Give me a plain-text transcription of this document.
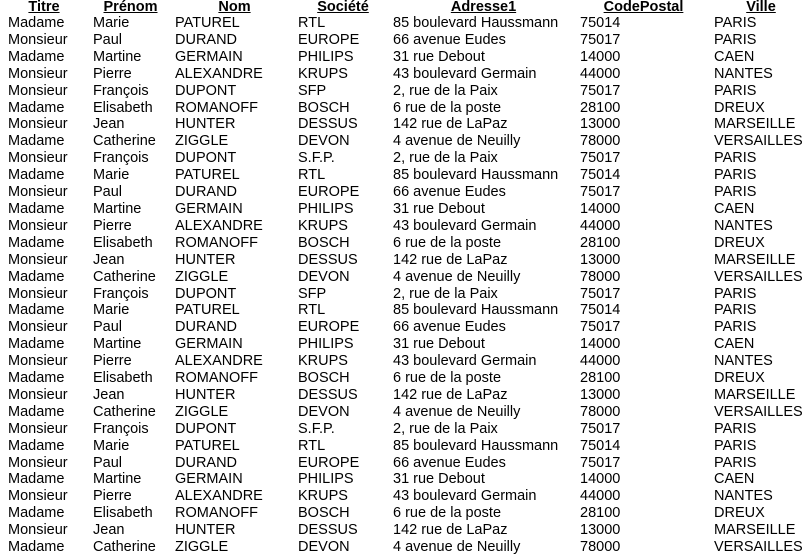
Titre	Prénom	Nom	Société	Adresse1	CodePostal	Ville
Madame	Marie	PATUREL	RTL	85 boulevard Haussmann	75014	PARIS
Monsieur	Paul	DURAND	EUROPE	66 avenue Eudes	75017	PARIS
Madame	Martine	GERMAIN	PHILIPS	31 rue Debout	14000	CAEN
Monsieur	Pierre	ALEXANDRE	KRUPS	43 boulevard Germain	44000	NANTES
Monsieur	François	DUPONT	SFP	2, rue de la Paix	75017	PARIS
Madame	Elisabeth	ROMANOFF	BOSCH	6 rue de la poste	28100	DREUX
Monsieur	Jean	HUNTER	DESSUS	142 rue de LaPaz	13000	MARSEILLE
Madame	Catherine	ZIGGLE	DEVON	4 avenue de Neuilly	78000	VERSAILLES
Monsieur	François	DUPONT	S.F.P.	2, rue de la Paix	75017	PARIS
Madame	Marie	PATUREL	RTL	85 boulevard Haussmann	75014	PARIS
Monsieur	Paul	DURAND	EUROPE	66 avenue Eudes	75017	PARIS
Madame	Martine	GERMAIN	PHILIPS	31 rue Debout	14000	CAEN
Monsieur	Pierre	ALEXANDRE	KRUPS	43 boulevard Germain	44000	NANTES
Madame	Elisabeth	ROMANOFF	BOSCH	6 rue de la poste	28100	DREUX
Monsieur	Jean	HUNTER	DESSUS	142 rue de LaPaz	13000	MARSEILLE
Madame	Catherine	ZIGGLE	DEVON	4 avenue de Neuilly	78000	VERSAILLES
Monsieur	François	DUPONT	SFP	2, rue de la Paix	75017	PARIS
Madame	Marie	PATUREL	RTL	85 boulevard Haussmann	75014	PARIS
Monsieur	Paul	DURAND	EUROPE	66 avenue Eudes	75017	PARIS
Madame	Martine	GERMAIN	PHILIPS	31 rue Debout	14000	CAEN
Monsieur	Pierre	ALEXANDRE	KRUPS	43 boulevard Germain	44000	NANTES
Madame	Elisabeth	ROMANOFF	BOSCH	6 rue de la poste	28100	DREUX
Monsieur	Jean	HUNTER	DESSUS	142 rue de LaPaz	13000	MARSEILLE
Madame	Catherine	ZIGGLE	DEVON	4 avenue de Neuilly	78000	VERSAILLES
Monsieur	François	DUPONT	S.F.P.	2, rue de la Paix	75017	PARIS
Madame	Marie	PATUREL	RTL	85 boulevard Haussmann	75014	PARIS
Monsieur	Paul	DURAND	EUROPE	66 avenue Eudes	75017	PARIS
Madame	Martine	GERMAIN	PHILIPS	31 rue Debout	14000	CAEN
Monsieur	Pierre	ALEXANDRE	KRUPS	43 boulevard Germain	44000	NANTES
Madame	Elisabeth	ROMANOFF	BOSCH	6 rue de la poste	28100	DREUX
Monsieur	Jean	HUNTER	DESSUS	142 rue de LaPaz	13000	MARSEILLE
Madame	Catherine	ZIGGLE	DEVON	4 avenue de Neuilly	78000	VERSAILLES
